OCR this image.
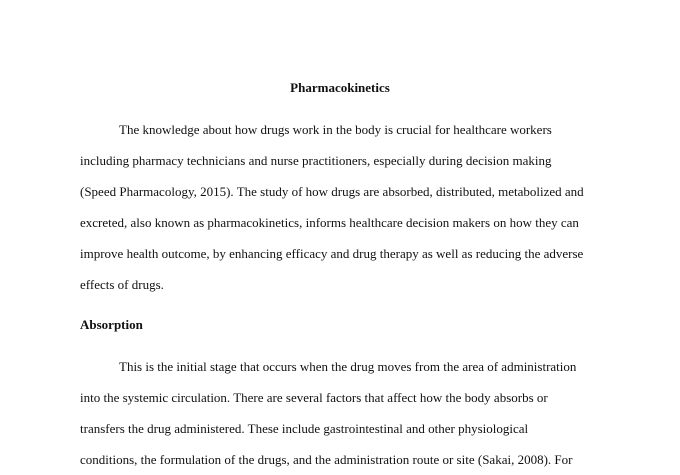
Pharmacokinetics
The knowledge about how drugs work in the body is crucial for healthcare workers
including pharmacy technicians and nurse practitioners, especially during decision making
(Speed Pharmacology, 2015). The study of how drugs are absorbed, distributed, metabolized and
excreted, also known as pharmacokinetics, informs healthcare decision makers on how they can
improve health outcome, by enhancing efficacy and drug therapy as well as reducing the adverse
effects of drugs.
Absorption
This is the initial stage that occurs when the drug moves from the area of administration
into the systemic circulation. There are several factors that affect how the body absorbs or
transfers the drug administered. These include gastrointestinal and other physiological
conditions, the formulation of the drugs, and the administration route or site (Sakai, 2008). For
